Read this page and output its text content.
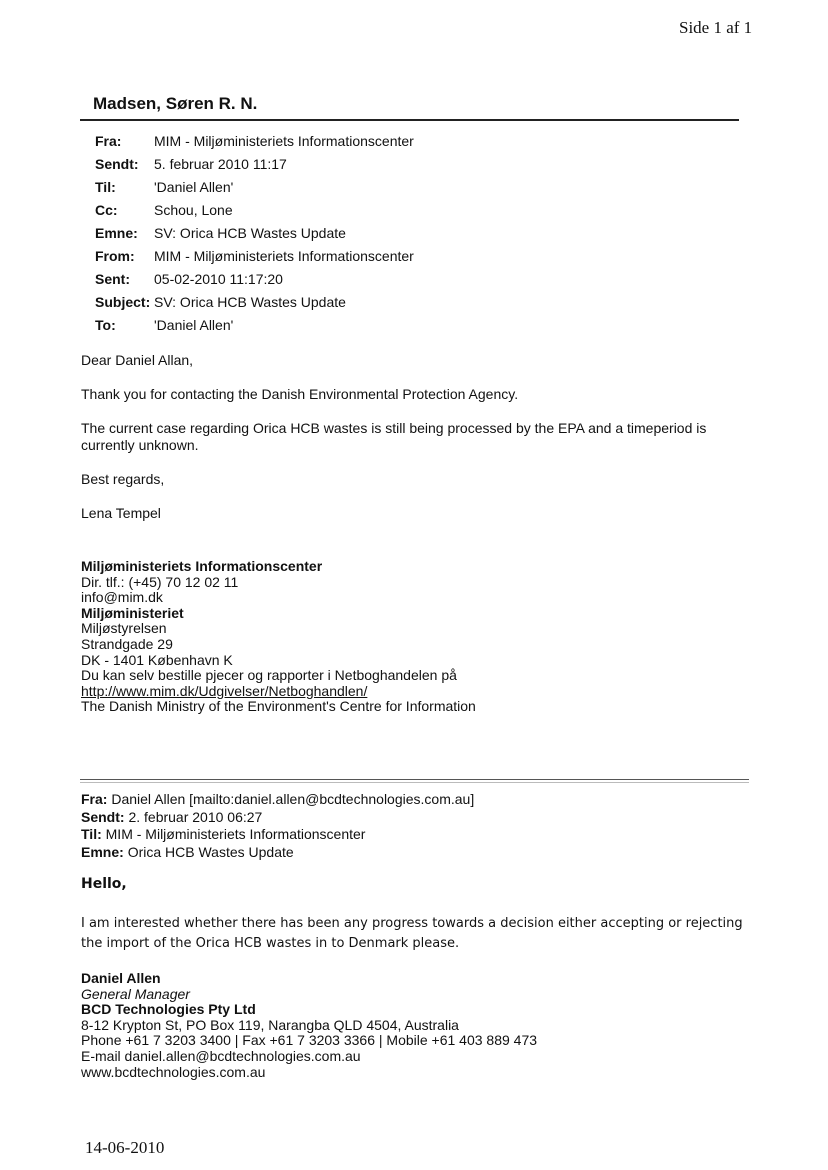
Side 1 af 1
Madsen, Søren R. N.
Fra:	MIM - Miljøministeriets Informationscenter
Sendt:	5. februar 2010 11:17
Til:	'Daniel Allen'
Cc:	Schou, Lone
Emne:	SV: Orica HCB Wastes Update
From:	MIM - Miljøministeriets Informationscenter
Sent:	05-02-2010 11:17:20
Subject: SV: Orica HCB Wastes Update
To:	'Daniel Allen'
Dear Daniel Allan,
Thank you for contacting the Danish Environmental Protection Agency.
The current case regarding Orica HCB wastes is still being processed by the EPA and a timeperiod is currently unknown.
Best regards,
Lena Tempel
Miljøministeriets Informationscenter
Dir. tlf.: (+45) 70 12 02 11
info@mim.dk
Miljøministeriet
Miljøstyrelsen
Strandgade 29
DK - 1401 København K
Du kan selv bestille pjecer og rapporter i Netboghandelen på
http://www.mim.dk/Udgivelser/Netboghandlen/
The Danish Ministry of the Environment's Centre for Information
Fra: Daniel Allen [mailto:daniel.allen@bcdtechnologies.com.au]
Sendt: 2. februar 2010 06:27
Til: MIM - Miljøministeriets Informationscenter
Emne: Orica HCB Wastes Update
Hello,
I am interested whether there has been any progress towards a decision either accepting or rejecting the import of the Orica HCB wastes in to Denmark please.
Daniel Allen
General Manager
BCD Technologies Pty Ltd
8-12 Krypton St, PO Box 119, Narangba QLD 4504, Australia
Phone +61 7 3203 3400 | Fax +61 7 3203 3366 | Mobile +61 403 889 473
E-mail daniel.allen@bcdtechnologies.com.au
www.bcdtechnologies.com.au
14-06-2010
